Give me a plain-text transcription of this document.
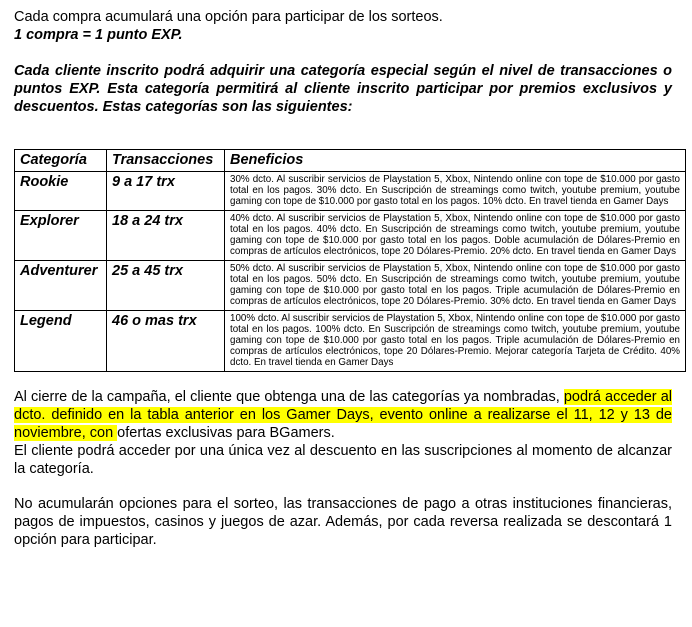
Cada compra acumulará una opción para participar de los sorteos.

1 compra = 1 punto EXP.

Cada cliente inscrito podrá adquirir una categoría especial según el nivel de transacciones o puntos EXP. Esta categoría permitirá al cliente inscrito participar por premios exclusivos y descuentos. Estas categorías son las siguientes:

Categoría	Transacciones	Beneficios
Rookie	9 a 17 trx	30% dcto. Al suscribir servicios de Playstation 5, Xbox, Nintendo online con tope de $10.000 por gasto total en los pagos. 30% dcto. En Suscripción de streamings como twitch, youtube premium, youtube gaming con tope de $10.000 por gasto total en los pagos. 10% dcto. En travel tienda en Gamer Days
Explorer	18 a 24 trx	40% dcto. Al suscribir servicios de Playstation 5, Xbox, Nintendo online con tope de $10.000 por gasto total en los pagos. 40% dcto. En Suscripción de streamings como twitch, youtube premium, youtube gaming con tope de $10.000 por gasto total en los pagos. Doble acumulación de Dólares-Premio en compras de artículos electrónicos, tope 20 Dólares-Premio. 20% dcto. En travel tienda en Gamer Days
Adventurer	25 a 45 trx	50% dcto. Al suscribir servicios de Playstation 5, Xbox, Nintendo online con tope de $10.000 por gasto total en los pagos. 50% dcto. En Suscripción de streamings como twitch, youtube premium, youtube gaming con tope de $10.000 por gasto total en los pagos. Triple acumulación de Dólares-Premio en compras de artículos electrónicos, tope 20 Dólares-Premio. 30% dcto. En travel tienda en Gamer Days
Legend	46 o mas trx	100% dcto. Al suscribir servicios de Playstation 5, Xbox, Nintendo online con tope de $10.000 por gasto total en los pagos. 100% dcto. En Suscripción de streamings como twitch, youtube premium, youtube gaming con tope de $10.000 por gasto total en los pagos. Triple acumulación de Dólares-Premio en compras de artículos electrónicos, tope 20 Dólares-Premio. Mejorar categoría Tarjeta de Crédito. 40% dcto. En travel tienda en Gamer Days

Al cierre de la campaña, el cliente que obtenga una de las categorías ya nombradas, podrá acceder al dcto. definido en la tabla anterior en los Gamer Days, evento online a realizarse el 11, 12 y 13 de noviembre, con ofertas exclusivas para BGamers.

El cliente podrá acceder por una única vez al descuento en las suscripciones al momento de alcanzar la categoría.

No acumularán opciones para el sorteo, las transacciones de pago a otras instituciones financieras, pagos de impuestos, casinos y juegos de azar. Además, por cada reversa realizada se descontará 1 opción para participar.
